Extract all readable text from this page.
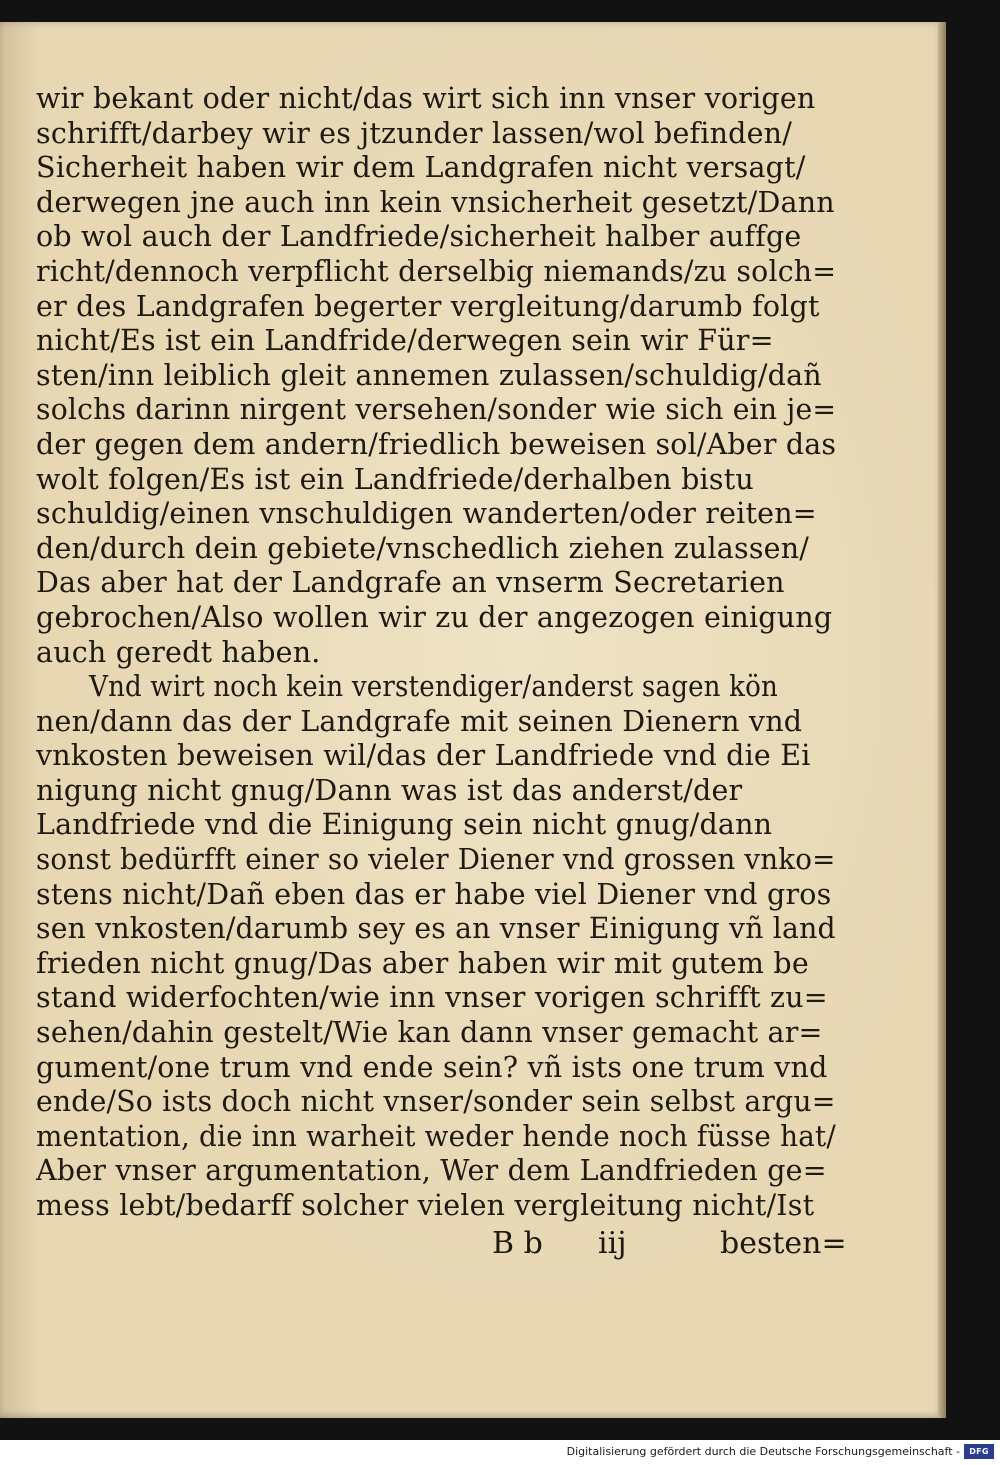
wir bekant oder nicht/das wirt sich inn vnser vorigen
schrifft/darbey wir es jtzunder lassen/wol befinden/
Sicherheit haben wir dem Landgrafen nicht versagt/
derwegen jne auch inn kein vnsicherheit gesetzt/Dann
ob wol auch der Landfriede/sicherheit halber auffge
richt/dennoch verpflicht derselbig niemands/zu solch=
er des Landgrafen begerter vergleitung/darumb folgt
nicht/Es ist ein Landfride/derwegen sein wir Für=
sten/inn leiblich gleit annemen zulassen/schuldig/dañ
solchs darinn nirgent versehen/sonder wie sich ein je=
der gegen dem andern/friedlich beweisen sol/Aber das
wolt folgen/Es ist ein Landfriede/derhalben bistu
schuldig/einen vnschuldigen wanderten/oder reiten=
den/durch dein gebiete/vnschedlich ziehen zulassen/
Das aber hat der Landgrafe an vnserm Secretarien
gebrochen/Also wollen wir zu der angezogen einigung
auch geredt haben.
Vnd wirt noch kein verstendiger/anderst sagen kön
nen/dann das der Landgrafe mit seinen Dienern vnd
vnkosten beweisen wil/das der Landfriede vnd die Ei
nigung nicht gnug/Dann was ist das anderst/der
Landfriede vnd die Einigung sein nicht gnug/dann
sonst bedürfft einer so vieler Diener vnd grossen vnko=
stens nicht/Dañ eben das er habe viel Diener vnd gros
sen vnkosten/darumb sey es an vnser Einigung vñ land
frieden nicht gnug/Das aber haben wir mit gutem be
stand widerfochten/wie inn vnser vorigen schrifft zu=
sehen/dahin gestelt/Wie kan dann vnser gemacht ar=
gument/one trum vnd ende sein? vñ ists one trum vnd
ende/So ists doch nicht vnser/sonder sein selbst argu=
mentation, die inn warheit weder hende noch füsse hat/
Aber vnser argumentation, Wer dem Landfrieden ge=
mess lebt/bedarff solcher vielen vergleitung nicht/Ist
B b iij	besten=
Digitalisierung gefördert durch die Deutsche Forschungsgemeinschaft -	DFG
